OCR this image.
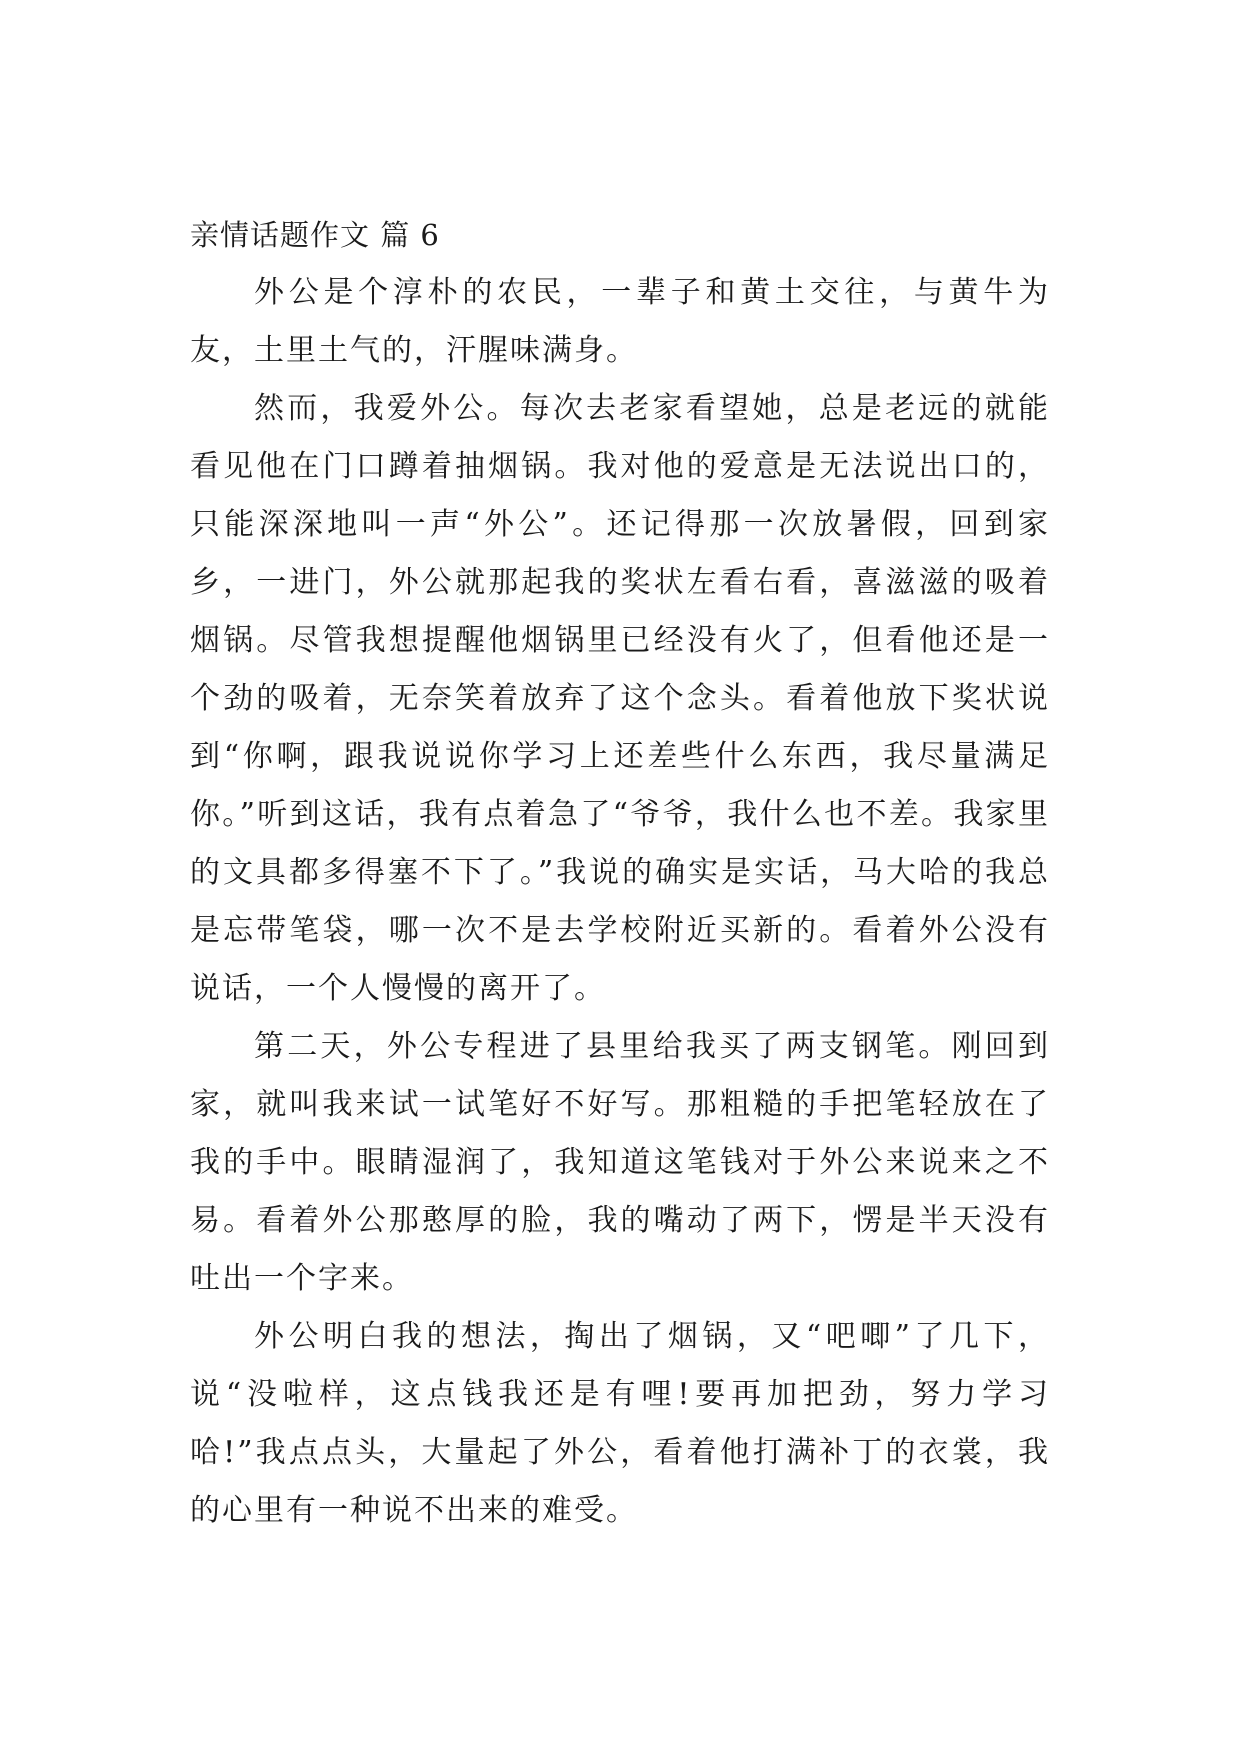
亲情话题作文 篇 6

外公是个淳朴的农民，一辈子和黄土交往，与黄牛为友，土里土气的，汗腥味满身。

然而，我爱外公。每次去老家看望她，总是老远的就能看见他在门口蹲着抽烟锅。我对他的爱意是无法说出口的，只能深深地叫一声“外公”。还记得那一次放暑假，回到家乡，一进门，外公就那起我的奖状左看右看，喜滋滋的吸着烟锅。尽管我想提醒他烟锅里已经没有火了，但看他还是一个劲的吸着，无奈笑着放弃了这个念头。看着他放下奖状说到“你啊，跟我说说你学习上还差些什么东西，我尽量满足你。”听到这话，我有点着急了“爷爷，我什么也不差。我家里的文具都多得塞不下了。”我说的确实是实话，马大哈的我总是忘带笔袋，哪一次不是去学校附近买新的。看着外公没有说话，一个人慢慢的离开了。

第二天，外公专程进了县里给我买了两支钢笔。刚回到家，就叫我来试一试笔好不好写。那粗糙的手把笔轻放在了我的手中。眼睛湿润了，我知道这笔钱对于外公来说来之不易。看着外公那憨厚的脸，我的嘴动了两下，愣是半天没有吐出一个字来。

外公明白我的想法，掏出了烟锅，又“吧唧”了几下，说“没啦样，这点钱我还是有哩!要再加把劲，努力学习哈!”我点点头，大量起了外公，看着他打满补丁的衣裳，我的心里有一种说不出来的难受。
